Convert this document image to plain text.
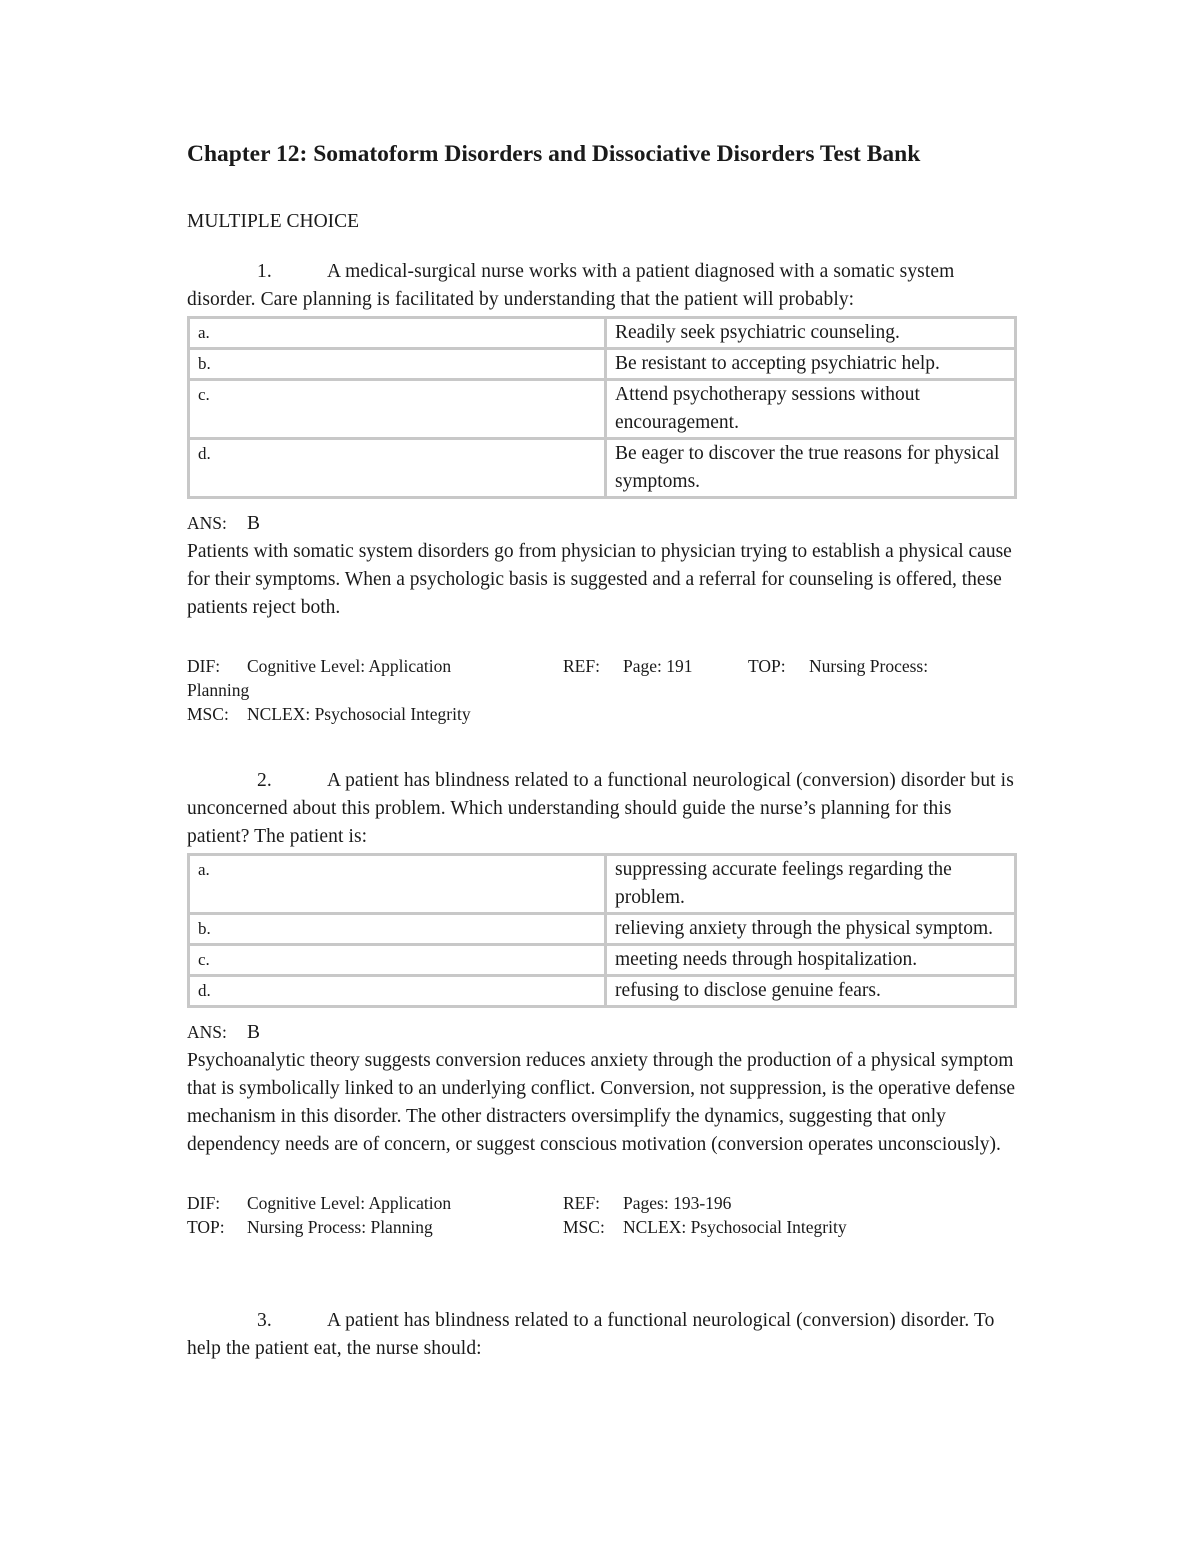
Chapter 12: Somatoform Disorders and Dissociative Disorders Test Bank
MULTIPLE CHOICE

1.	A medical-surgical nurse works with a patient diagnosed with a somatic system disorder. Care planning is facilitated by understanding that the patient will probably:

a.	Readily seek psychiatric counseling.
b.	Be resistant to accepting psychiatric help.
c.	Attend psychotherapy sessions without encouragement.
d.	Be eager to discover the true reasons for physical symptoms.
ANS: B

Patients with somatic system disorders go from physician to physician trying to establish a physical cause for their symptoms. When a psychologic basis is suggested and a referral for counseling is offered, these patients reject both.

DIF: Cognitive Level: Application	REF: Page: 191	TOP: Nursing Process:
Planning
MSC: NCLEX: Psychosocial Integrity

2.	A patient has blindness related to a functional neurological (conversion) disorder but is unconcerned about this problem. Which understanding should guide the nurse’s planning for this patient? The patient is:

a.	suppressing accurate feelings regarding the problem.
b.	relieving anxiety through the physical symptom.
c.	meeting needs through hospitalization.
d.	refusing to disclose genuine fears.
ANS: B

Psychoanalytic theory suggests conversion reduces anxiety through the production of a physical symptom that is symbolically linked to an underlying conflict. Conversion, not suppression, is the operative defense mechanism in this disorder. The other distracters oversimplify the dynamics, suggesting that only dependency needs are of concern, or suggest conscious motivation (conversion operates unconsciously).

DIF: Cognitive Level: Application	REF: Pages: 193-196
TOP: Nursing Process: Planning	MSC: NCLEX: Psychosocial Integrity

3.	A patient has blindness related to a functional neurological (conversion) disorder. To help the patient eat, the nurse should:
